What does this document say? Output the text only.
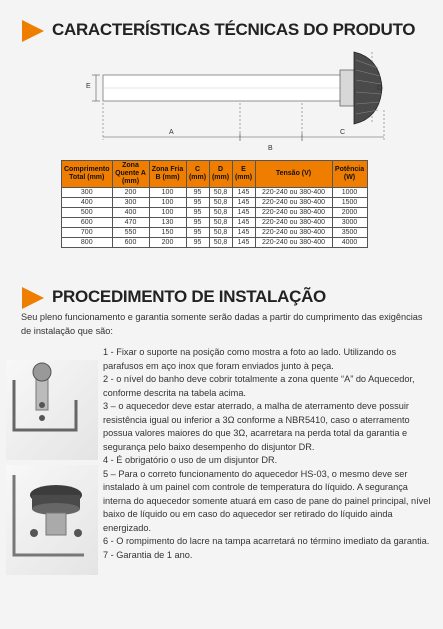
CARACTERÍSTICAS TÉCNICAS DO PRODUTO
E	D
A
B
C
Comprimento Total (mm)	Zona Quente A (mm)	Zona Fria B (mm)	C (mm)	D (mm)	E (mm)	Tensão (V)	Potência (W)
300	200	100	95	50,8	145	220-240 ou 380-400	1000
400	300	100	95	50,8	145	220-240 ou 380-400	1500
500	400	100	95	50,8	145	220-240 ou 380-400	2000
600	470	130	95	50,8	145	220-240 ou 380-400	3000
700	550	150	95	50,8	145	220-240 ou 380-400	3500
800	600	200	95	50,8	145	220-240 ou 380-400	4000
PROCEDIMENTO DE INSTALAÇÃO
Seu pleno funcionamento e garantia somente serão dadas a partir do cumprimento das exigências de instalação que são:

1 - Fixar o suporte na posição como mostra a foto ao lado. Utilizando os parafusos em aço inox que foram enviados junto à peça.

2 - o nível do banho deve cobrir totalmente a zona quente “A” do Aquecedor, conforme descrita na tabela acima.

3 – o aquecedor deve estar aterrado, a malha de aterramento deve possuir resistência igual ou inferior a 3Ω conforme a NBR5410, caso o aterramento possua valores maiores do que 3Ω, acarretara na perda total da garantia e segurança pelo baixo desempenho do disjuntor DR.

4 - É obrigatório o uso de um disjuntor DR.

5 – Para o correto funcionamento do aquecedor HS-03, o mesmo deve ser instalado à um painel com controle de temperatura do líquido. A segurança interna do aquecedor somente atuará em caso de pane do painel principal, nível baixo de líquido ou em caso do aquecedor ser retirado do líquido ainda energizado.

6 - O rompimento do lacre na tampa acarretará no término imediato da garantia.

7 - Garantia de 1 ano.
